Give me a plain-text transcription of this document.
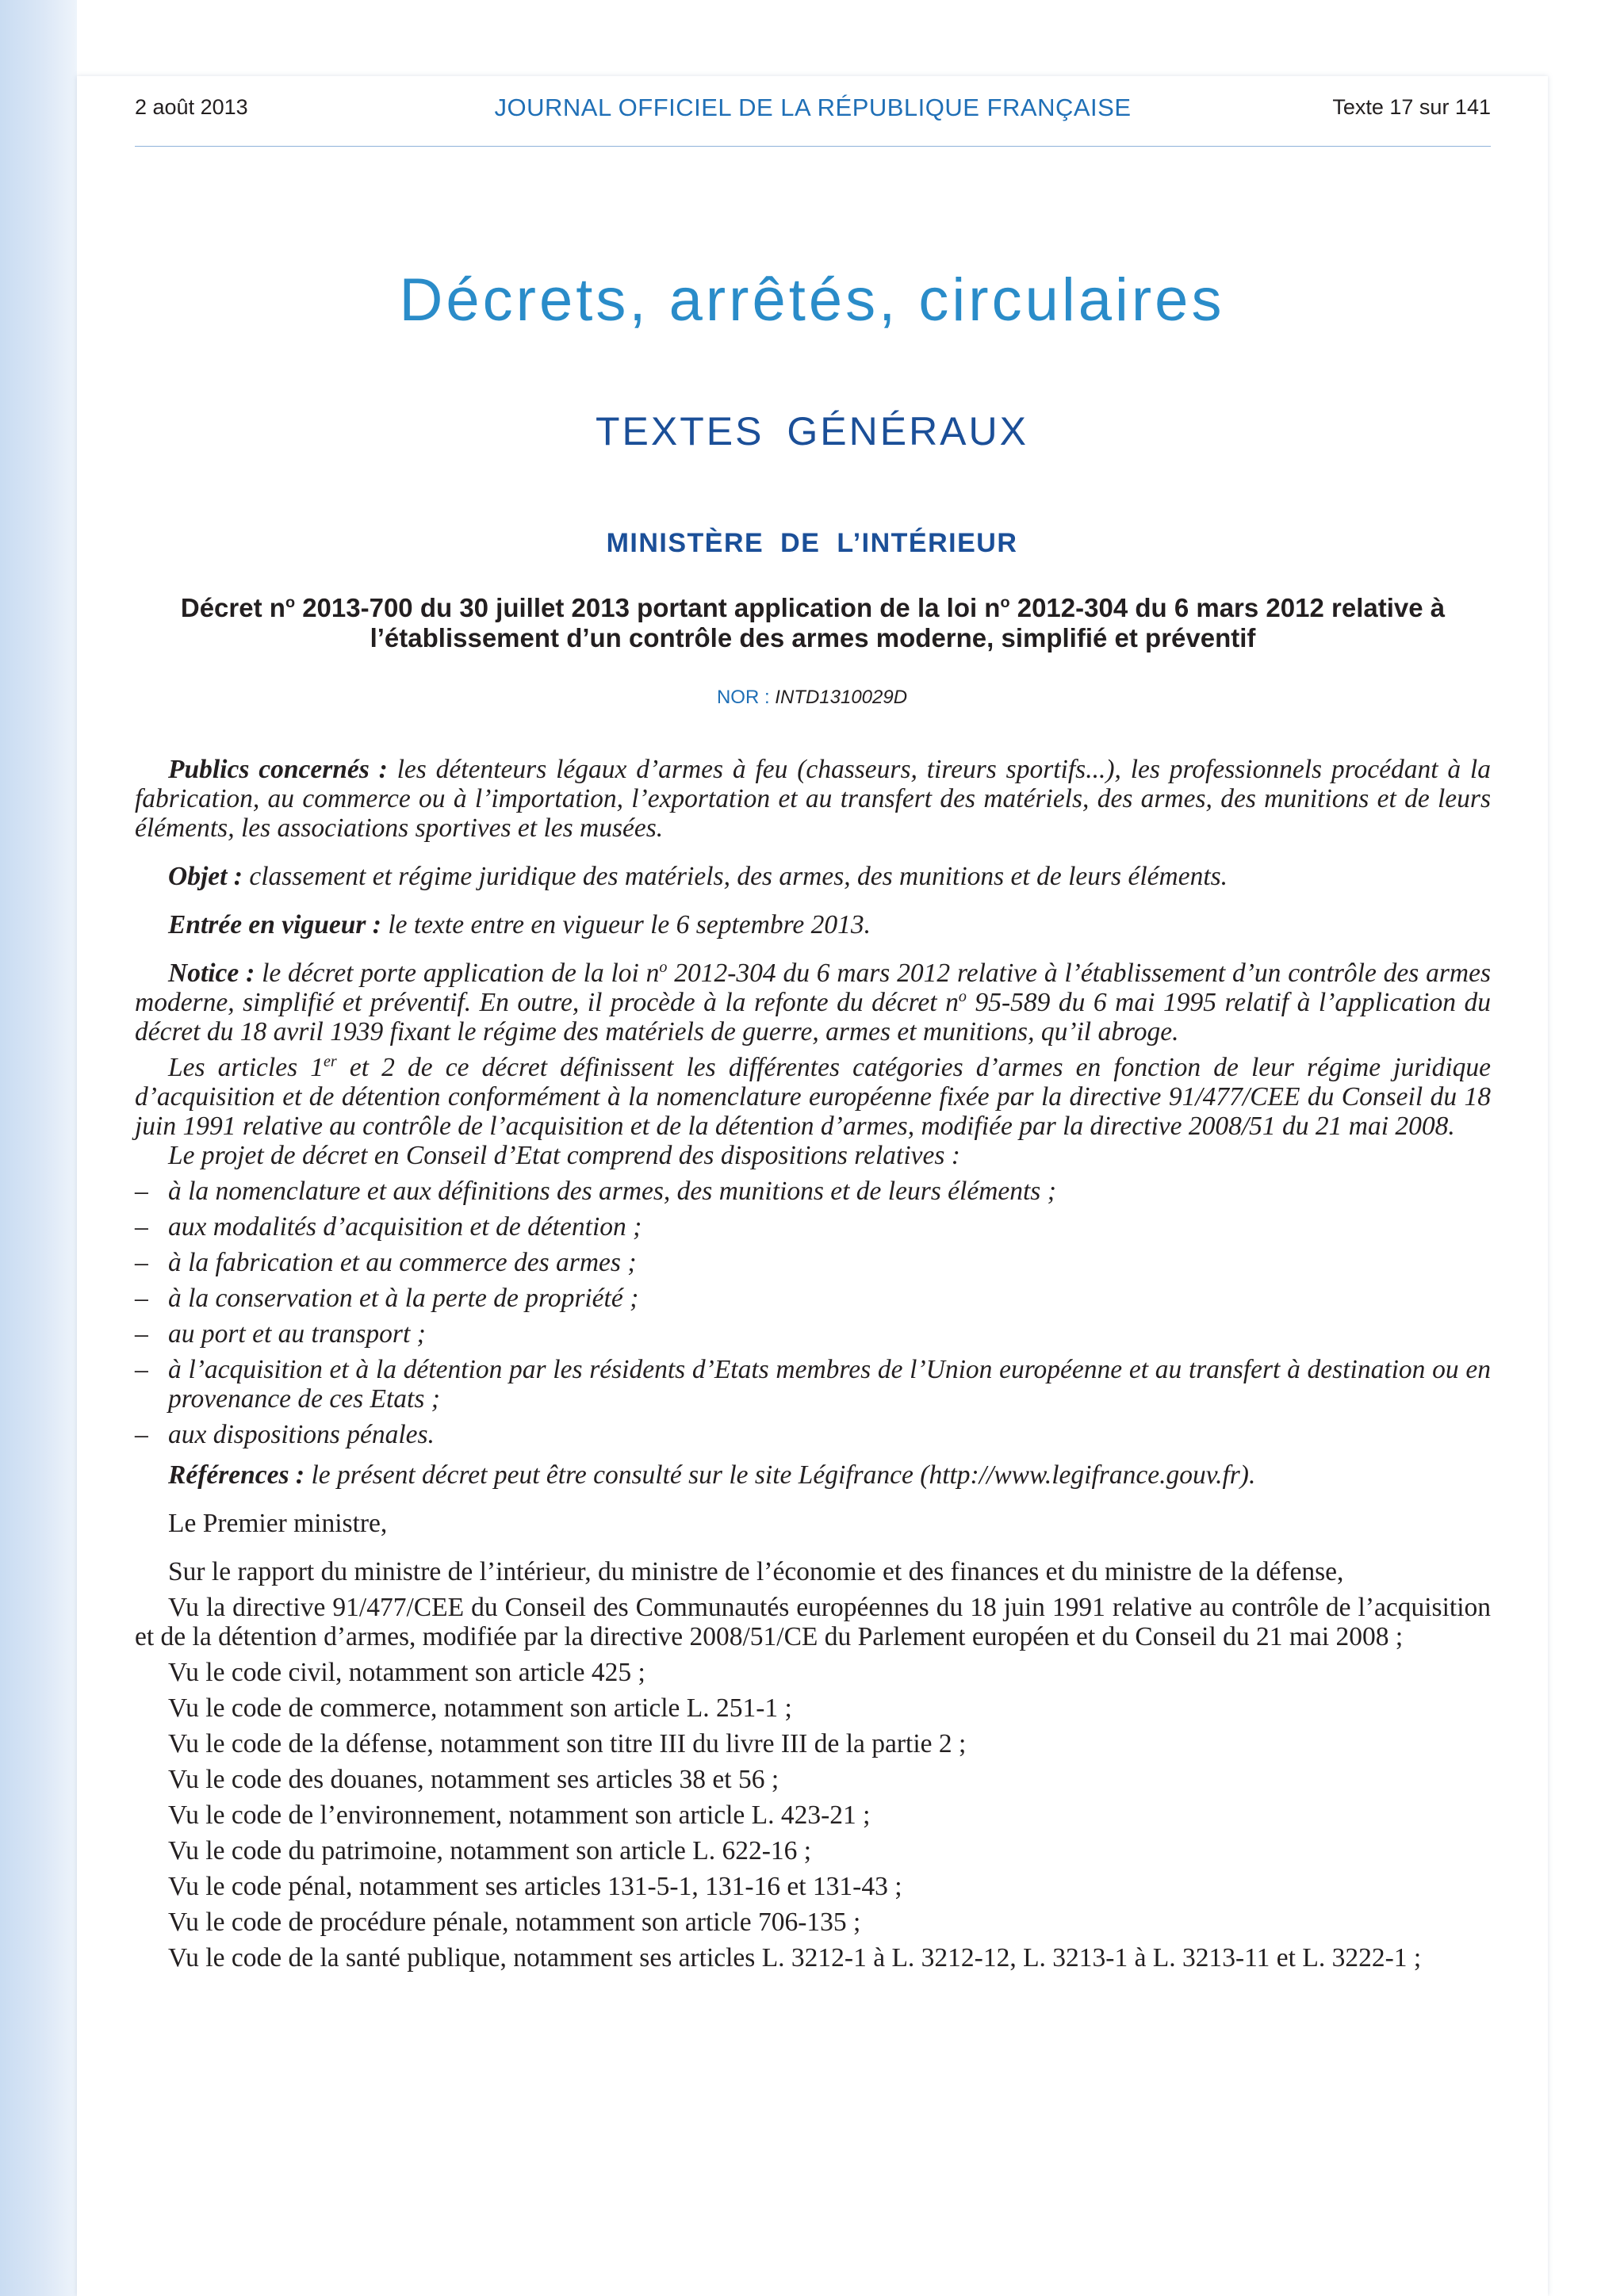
2 août 2013	JOURNAL OFFICIEL DE LA RÉPUBLIQUE FRANÇAISE	Texte 17 sur 141
Décrets, arrêtés, circulaires
TEXTES GÉNÉRAUX
MINISTÈRE DE L’INTÉRIEUR
Décret $n^o$ 2013-700 du 30 juillet 2013 portant application de la loi $n^o$ 2012-304 du 6 mars 2012 relative à l’établissement d’un contrôle des armes moderne, simplifié et préventif
NOR : INTD1310029D

Publics concernés : les détenteurs légaux d’armes à feu (chasseurs, tireurs sportifs...), les professionnels procédant à la fabrication, au commerce ou à l’importation, l’exportation et au transfert des matériels, des armes, des munitions et de leurs éléments, les associations sportives et les musées.

Objet : classement et régime juridique des matériels, des armes, des munitions et de leurs éléments.

Entrée en vigueur : le texte entre en vigueur le 6 septembre 2013.

Notice : le décret porte application de la loi $n^o$ 2012-304 du 6 mars 2012 relative à l’établissement d’un contrôle des armes moderne, simplifié et préventif. En outre, il procède à la refonte du décret $n^o$ 95-589 du 6 mai 1995 relatif à l’application du décret du 18 avril 1939 fixant le régime des matériels de guerre, armes et munitions, qu’il abroge.

Les articles 1er et 2 de ce décret définissent les différentes catégories d’armes en fonction de leur régime juridique d’acquisition et de détention conformément à la nomenclature européenne fixée par la directive 91/477/CEE du Conseil du 18 juin 1991 relative au contrôle de l’acquisition et de la détention d’armes, modifiée par la directive 2008/51 du 21 mai 2008.

Le projet de décret en Conseil d’Etat comprend des dispositions relatives :

– à la nomenclature et aux définitions des armes, des munitions et de leurs éléments ;
– aux modalités d’acquisition et de détention ;
– à la fabrication et au commerce des armes ;
– à la conservation et à la perte de propriété ;
– au port et au transport ;
– à l’acquisition et à la détention par les résidents d’Etats membres de l’Union européenne et au transfert à destination ou en provenance de ces Etats ;
– aux dispositions pénales.

Références : le présent décret peut être consulté sur le site Légifrance (http://www.legifrance.gouv.fr).

Le Premier ministre,

Sur le rapport du ministre de l’intérieur, du ministre de l’économie et des finances et du ministre de la défense,

Vu la directive 91/477/CEE du Conseil des Communautés européennes du 18 juin 1991 relative au contrôle de l’acquisition et de la détention d’armes, modifiée par la directive 2008/51/CE du Parlement européen et du Conseil du 21 mai 2008 ;

Vu le code civil, notamment son article 425 ;

Vu le code de commerce, notamment son article L. 251-1 ;

Vu le code de la défense, notamment son titre III du livre III de la partie 2 ;

Vu le code des douanes, notamment ses articles 38 et 56 ;

Vu le code de l’environnement, notamment son article L. 423-21 ;

Vu le code du patrimoine, notamment son article L. 622-16 ;

Vu le code pénal, notamment ses articles 131-5-1, 131-16 et 131-43 ;

Vu le code de procédure pénale, notamment son article 706-135 ;

Vu le code de la santé publique, notamment ses articles L. 3212-1 à L. 3212-12, L. 3213-1 à L. 3213-11 et L. 3222-1 ;
